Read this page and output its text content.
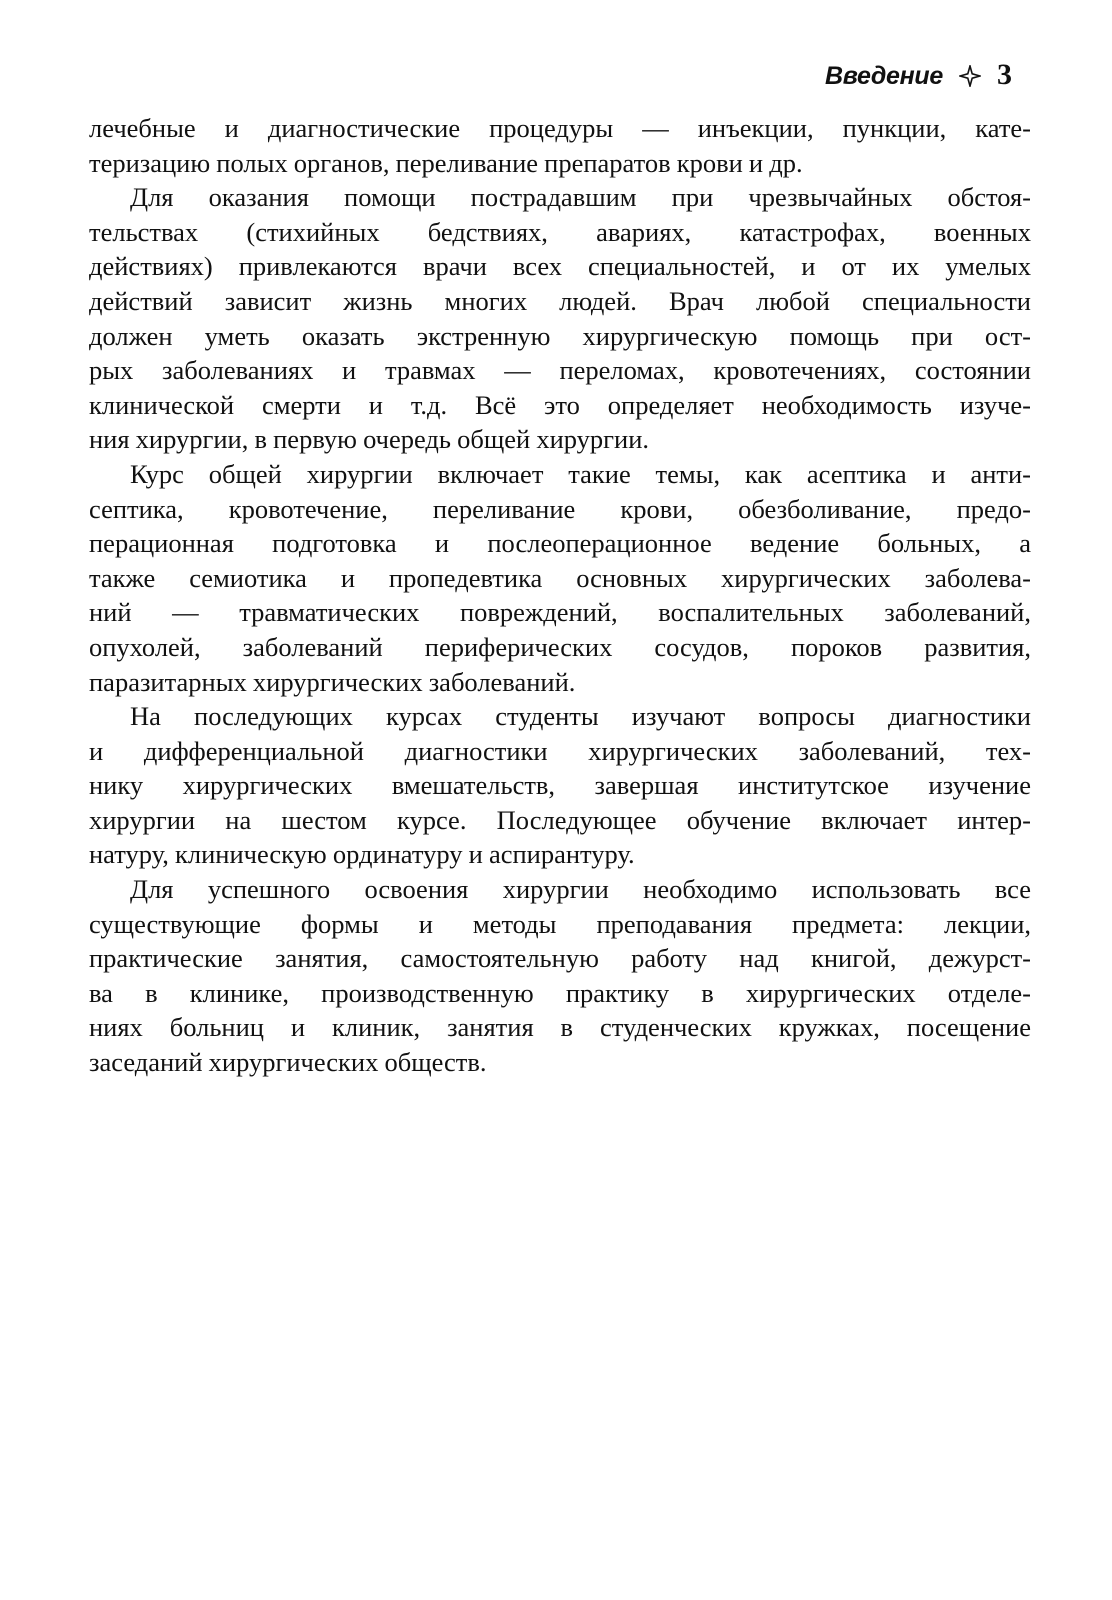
Введение 3
лечебные и диагностические процедуры — инъекции, пункции, кате-
теризацию полых органов, переливание препаратов крови и др.
Для оказания помощи пострадавшим при чрезвычайных обстоя-
тельствах (стихийных бедствиях, авариях, катастрофах, военных
действиях) привлекаются врачи всех специальностей, и от их умелых
действий зависит жизнь многих людей. Врач любой специальности
должен уметь оказать экстренную хирургическую помощь при ост-
рых заболеваниях и травмах — переломах, кровотечениях, состоянии
клинической смерти и т.д. Всё это определяет необходимость изуче-
ния хирургии, в первую очередь общей хирургии.
Курс общей хирургии включает такие темы, как асептика и анти-
септика, кровотечение, переливание крови, обезболивание, предо-
перационная подготовка и послеоперационное ведение больных, а
также семиотика и пропедевтика основных хирургических заболева-
ний — травматических повреждений, воспалительных заболеваний,
опухолей, заболеваний периферических сосудов, пороков развития,
паразитарных хирургических заболеваний.
На последующих курсах студенты изучают вопросы диагностики
и дифференциальной диагностики хирургических заболеваний, тех-
нику хирургических вмешательств, завершая институтское изучение
хирургии на шестом курсе. Последующее обучение включает интер-
натуру, клиническую ординатуру и аспирантуру.
Для успешного освоения хирургии необходимо использовать все
существующие формы и методы преподавания предмета: лекции,
практические занятия, самостоятельную работу над книгой, дежурст-
ва в клинике, производственную практику в хирургических отделе-
ниях больниц и клиник, занятия в студенческих кружках, посещение
заседаний хирургических обществ.
